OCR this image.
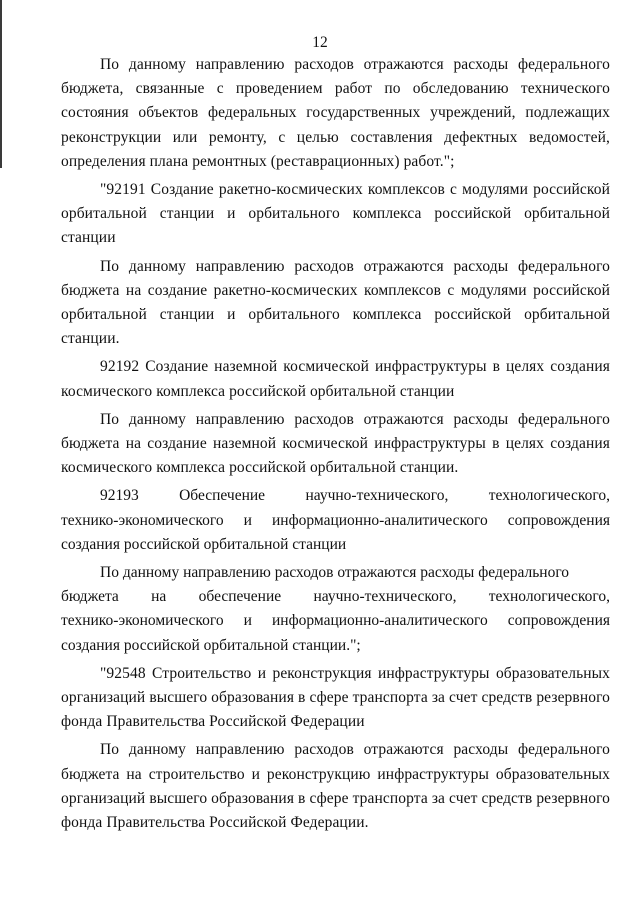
12

По данному направлению расходов отражаются расходы федерального бюджета, связанные с проведением работ по обследованию технического состояния объектов федеральных государственных учреждений, подлежащих реконструкции или ремонту, с целью составления дефектных ведомостей, определения плана ремонтных (реставрационных) работ.";

"92191 Создание ракетно-космических комплексов с модулями российской орбитальной станции и орбитального комплекса российской орбитальной станции

По данному направлению расходов отражаются расходы федерального бюджета на создание ракетно-космических комплексов с модулями российской орбитальной станции и орбитального комплекса российской орбитальной станции.

92192 Создание наземной космической инфраструктуры в целях создания космического комплекса российской орбитальной станции

По данному направлению расходов отражаются расходы федерального бюджета на создание наземной космической инфраструктуры в целях создания космического комплекса российской орбитальной станции.

92193	Обеспечение	научно-технического,	технологического,

технико-экономического и информационно-аналитического сопровождения создания российской орбитальной станции

По данному направлению расходов отражаются расходы федерального

бюджета на обеспечение научно-технического, технологического,

технико-экономического и информационно-аналитического сопровождения создания российской орбитальной станции.";

"92548 Строительство и реконструкция инфраструктуры образовательных организаций высшего образования в сфере транспорта за счет средств резервного фонда Правительства Российской Федерации

По данному направлению расходов отражаются расходы федерального бюджета на строительство и реконструкцию инфраструктуры образовательных организаций высшего образования в сфере транспорта за счет средств резервного фонда Правительства Российской Федерации.
